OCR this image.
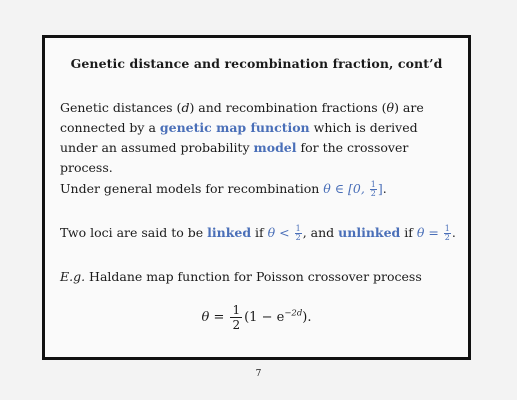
Genetic distance and recombination fraction, cont’d
Genetic distances (d) and recombination fractions (θ) are connected by a genetic map function which is derived under an assumed probability model for the crossover process.
Under general models for recombination θ ∈ [0, $\frac{1}{2}$ ].
Two loci are said to be linked if $\theta < \frac{1}{2}$ , and unlinked if $\theta = \frac{1}{2}$ .
E.g. Haldane map function for Poisson crossover process
$\theta = \frac{1}{2} (1 - e^{-2d})$.
7
